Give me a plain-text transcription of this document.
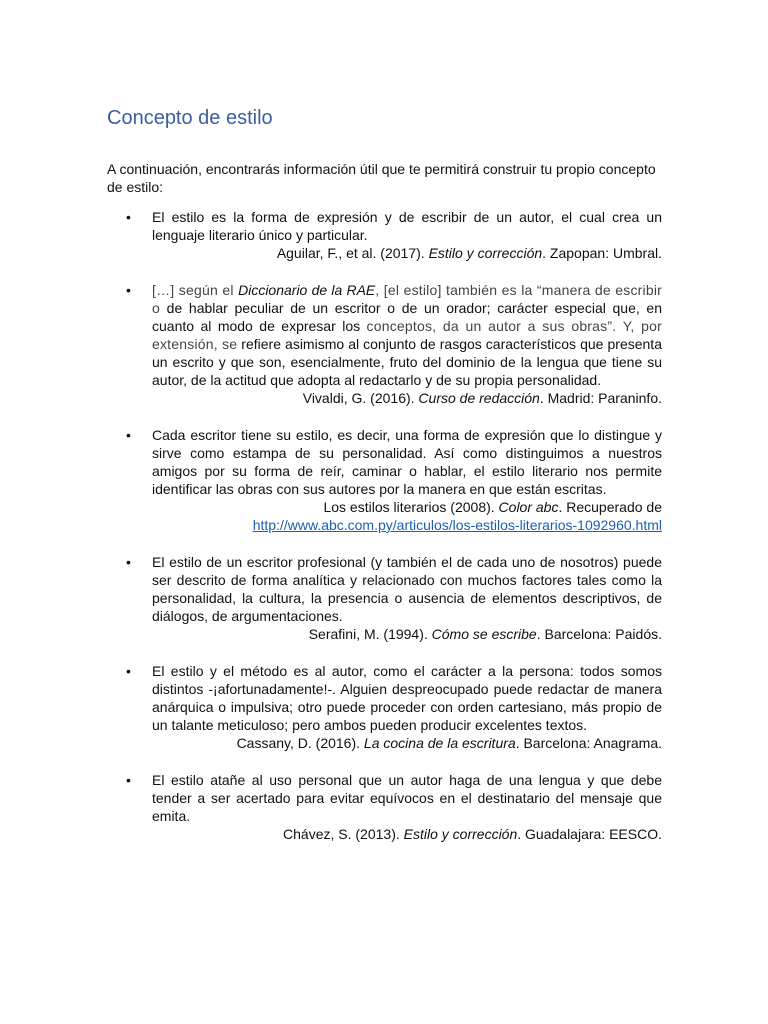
Concepto de estilo

A continuación, encontrarás información útil que te permitirá construir tu propio concepto de estilo:

• El estilo es la forma de expresión y de escribir de un autor, el cual crea un lenguaje literario único y particular.

Aguilar, F., et al. (2017). Estilo y corrección. Zapopan: Umbral.

• […] según el Diccionario de la RAE, [el estilo] también es la “manera de escribir o de hablar peculiar de un escritor o de un orador; carácter especial que, en cuanto al modo de expresar los conceptos, da un autor a sus obras”. Y, por extensión, se refiere asimismo al conjunto de rasgos característicos que presenta un escrito y que son, esencialmente, fruto del dominio de la lengua que tiene su autor, de la actitud que adopta al redactarlo y de su propia personalidad.

Vivaldi, G. (2016). Curso de redacción. Madrid: Paraninfo.

• Cada escritor tiene su estilo, es decir, una forma de expresión que lo distingue y sirve como estampa de su personalidad. Así como distinguimos a nuestros amigos por su forma de reír, caminar o hablar, el estilo literario nos permite identificar las obras con sus autores por la manera en que están escritas.

Los estilos literarios (2008). Color abc. Recuperado de

http://www.abc.com.py/articulos/los-estilos-literarios-1092960.html

• El estilo de un escritor profesional (y también el de cada uno de nosotros) puede ser descrito de forma analítica y relacionado con muchos factores tales como la personalidad, la cultura, la presencia o ausencia de elementos descriptivos, de diálogos, de argumentaciones.

Serafini, M. (1994). Cómo se escribe. Barcelona: Paidós.

• El estilo y el método es al autor, como el carácter a la persona: todos somos distintos -¡afortunadamente!-. Alguien despreocupado puede redactar de manera anárquica o impulsiva; otro puede proceder con orden cartesiano, más propio de un talante meticuloso; pero ambos pueden producir excelentes textos.

Cassany, D. (2016). La cocina de la escritura. Barcelona: Anagrama.

• El estilo atañe al uso personal que un autor haga de una lengua y que debe tender a ser acertado para evitar equívocos en el destinatario del mensaje que emita.

Chávez, S. (2013). Estilo y corrección. Guadalajara: EESCO.
